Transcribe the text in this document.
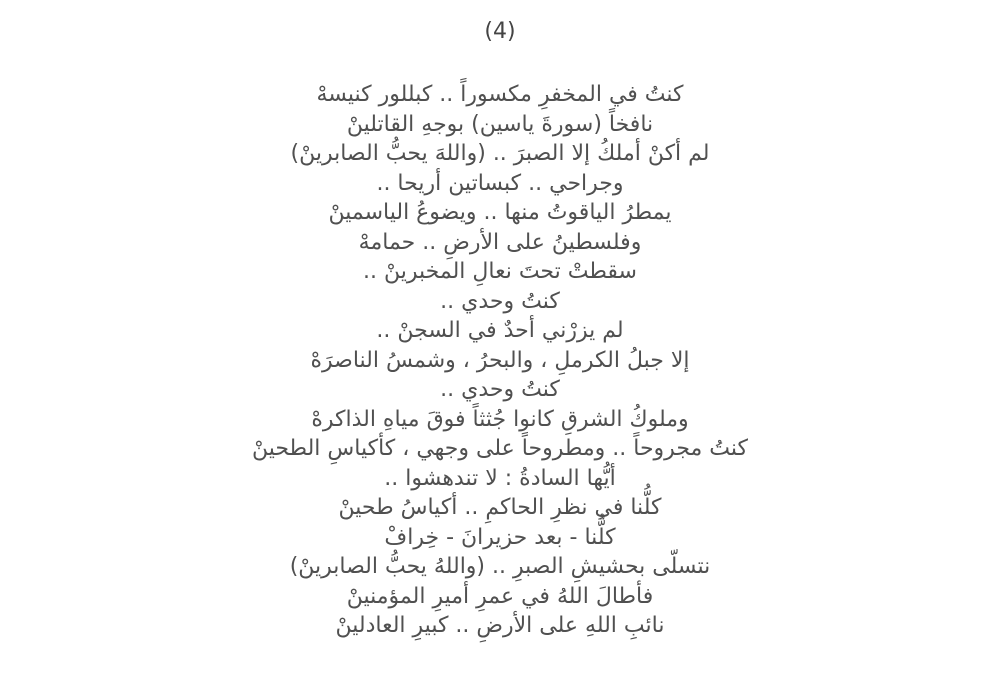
(4)
كنتُ في المخفرِ مكسوراً .. كبللور كنيسهْ
نافخاً (سورةَ ياسين) بوجهِ القاتلينْ
لم أكنْ أملكُ إلا الصبرَ .. (واللهَ يحبُّ الصابرينْ)
وجراحي .. كبساتين أريحا ..
يمطرُ الياقوتُ منها .. ويضوعُ الياسمينْ
وفلسطينُ على الأرضِ .. حمامهْ
سقطتْ تحتَ نعالِ المخبرينْ ..
كنتُ وحدي ..
لم يزرْني أحدٌ في السجنْ ..
إلا جبلُ الكرملِ ، والبحرُ ، وشمسُ الناصرَهْ
كنتُ وحدي ..
وملوكُ الشرقِ كانوا جُثثاً فوقَ مياهِ الذاكرهْ
كنتُ مجروحاً .. ومطروحاً على وجهي ، كأكياسِ الطحينْ
أيُّها السادةُ : لا تندهشوا ..
كلُّنا في نظرِ الحاكمِ .. أكياسُ طحينْ
كلُّنا - بعد حزيرانَ - خِرافْ
نتسلّى بحشيشِ الصبرِ .. (واللهُ يحبُّ الصابرينْ)
فأطالَ اللهُ في عمرِ أميرِ المؤمنينْ
نائبِ اللهِ على الأرضِ .. كبيرِ العادلينْ
